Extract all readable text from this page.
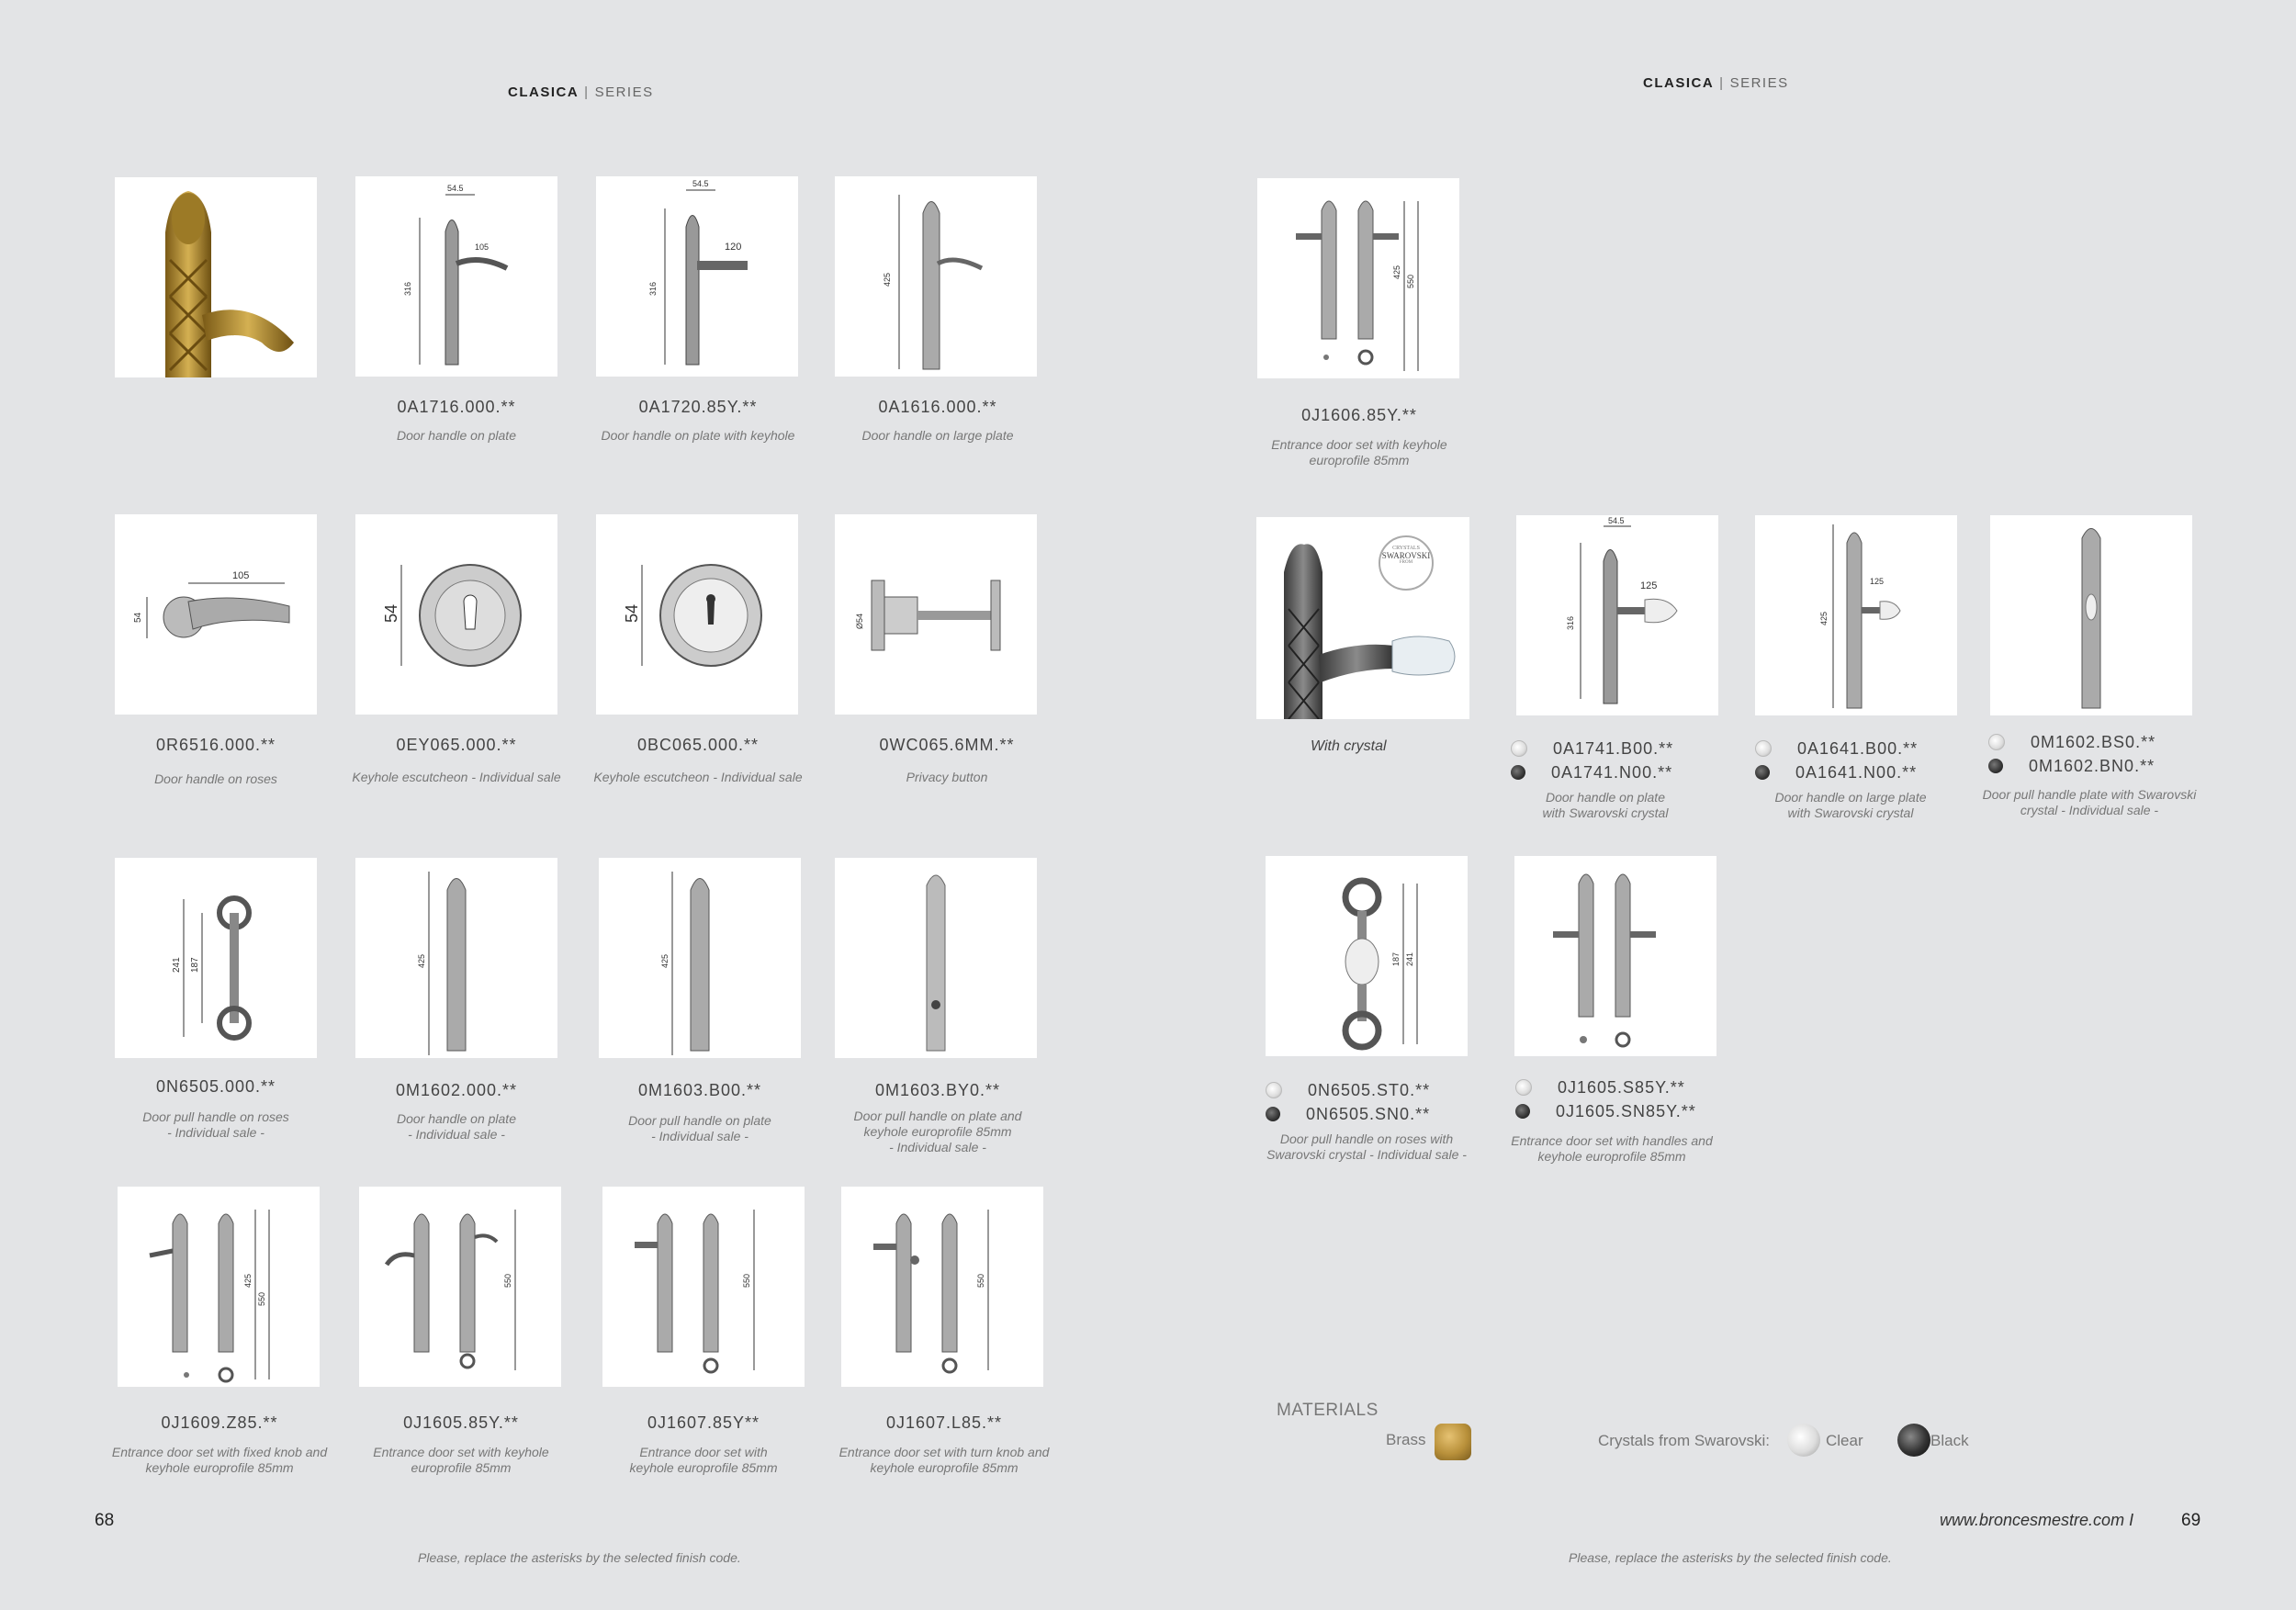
CLASICA | SERIES
CLASICA | SERIES
316
54.5
105
316
120
54.5
425
0A1716.000.**
Door handle on plate
0A1720.85Y.**
Door handle on plate with keyhole
0A1616.000.**
Door handle on large plate
105
54	54	54	Ø54
0R6516.000.**
Door handle on roses
0EY065.000.**
Keyhole escutcheon - Individual sale
0BC065.000.**
Keyhole escutcheon - Individual sale
0WC065.6MM.**
Privacy button
241 187	425	425
0N6505.000.**
Door pull handle on roses
- Individual sale -
0M1602.000.**
Door handle on plate
- Individual sale -
0M1603.B00.**
Door pull handle on plate
- Individual sale -
0M1603.BY0.**
Door pull handle on plate and
keyhole europrofile 85mm
- Individual sale -
425
550
550	550	550
0J1609.Z85.**
Entrance door set with fixed knob and
keyhole europrofile 85mm
0J1605.85Y.**
Entrance door set with keyhole
europrofile 85mm
0J1607.85Y**
Entrance door set with
keyhole europrofile 85mm
0J1607.L85.**
Entrance door set with turn knob and
keyhole europrofile 85mm
68
Please, replace the asterisks by the selected finish code.
425
550
0J1606.85Y.**
Entrance door set with keyhole
europrofile 85mm
CRYSTALS
SWAROVSKI
FROM
With crystal
316
125
54.5
425
125
0A1741.B00.**
0A1741.N00.**
Door handle on plate
with Swarovski crystal
0A1641.B00.**
0A1641.N00.**
Door handle on large plate
with Swarovski crystal
0M1602.BS0.**
0M1602.BN0.**
Door pull handle plate with Swarovski
crystal - Individual sale -
187 241
0N6505.ST0.**
0N6505.SN0.**
Door pull handle on roses with
Swarovski crystal - Individual sale -
0J1605.S85Y.**
0J1605.SN85Y.**
Entrance door set with handles and
keyhole europrofile 85mm
MATERIALS
Brass	Crystals from Swarovski:	Clear	Black
www.broncesmestre.com I	69
Please, replace the asterisks by the selected finish code.
